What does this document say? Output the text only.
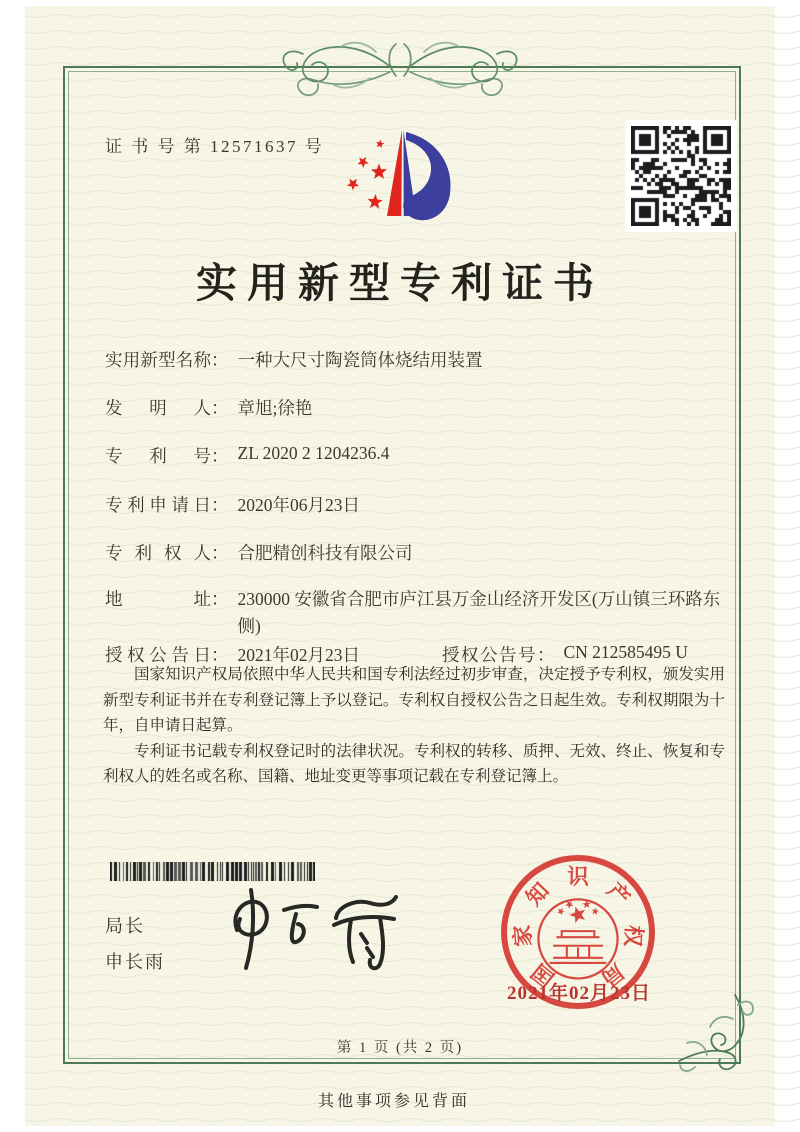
证 书 号 第 12571637 号
实用新型专利证书
实用新型名称： 一种大尺寸陶瓷筒体烧结用装置
发明人： 章旭;徐艳
专利号： ZL 2020 2 1204236.4
专利申请日： 2020年06月23日
专利权人： 合肥精创科技有限公司
地址 ： 230000 安徽省合肥市庐江县万金山经济开发区(万山镇三环路东侧)
授权公告日： 2021年02月23日	授权公告号： CN 212585495 U

国家知识产权局依照中华人民共和国专利法经过初步审查，决定授予专利权，颁发实用新型专利证书并在专利登记簿上予以登记。专利权自授权公告之日起生效。专利权期限为十年，自申请日起算。

专利证书记载专利权登记时的法律状况。专利权的转移、质押、无效、终止、恢复和专利权人的姓名或名称、国籍、地址变更等事项记载在专利登记簿上。

局长
申长雨	国
家
知
识
产
权
局
2021年02月23日
第 1 页 (共 2 页)
其他事项参见背面
